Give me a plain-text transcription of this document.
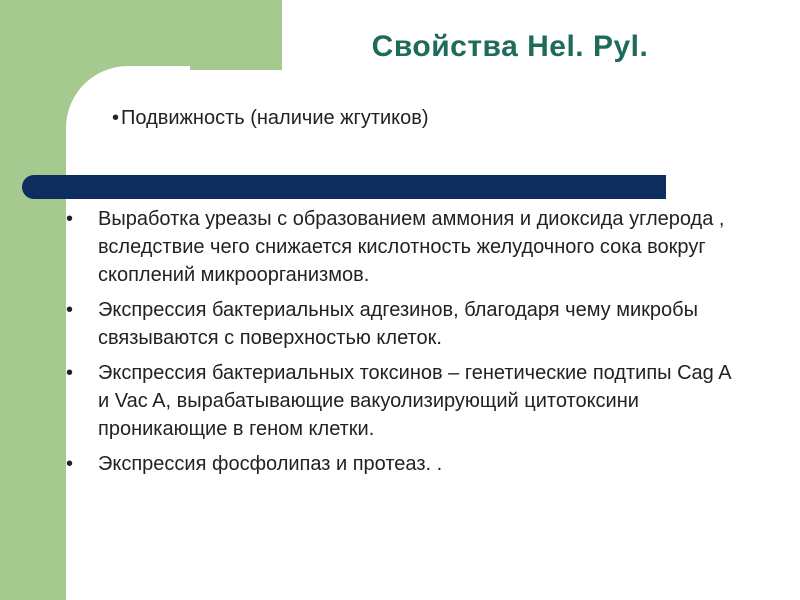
Свойства Hel. Pyl.
• Подвижность (наличие жгутиков)
•	Выработка уреазы с образованием аммония и диоксида углерода , вследствие чего снижается кислотность желудочного сока вокруг скоплений микроорганизмов.
•	Экспрессия бактериальных адгезинов, благодаря чему микробы связываются с поверхностью клеток.
•	Экспрессия бактериальных токсинов – генетические подтипы Cag A и Vac A, вырабатывающие вакуолизирующий цитотоксини проникающие в геном клетки.
•	Экспрессия фосфолипаз и протеаз. .
